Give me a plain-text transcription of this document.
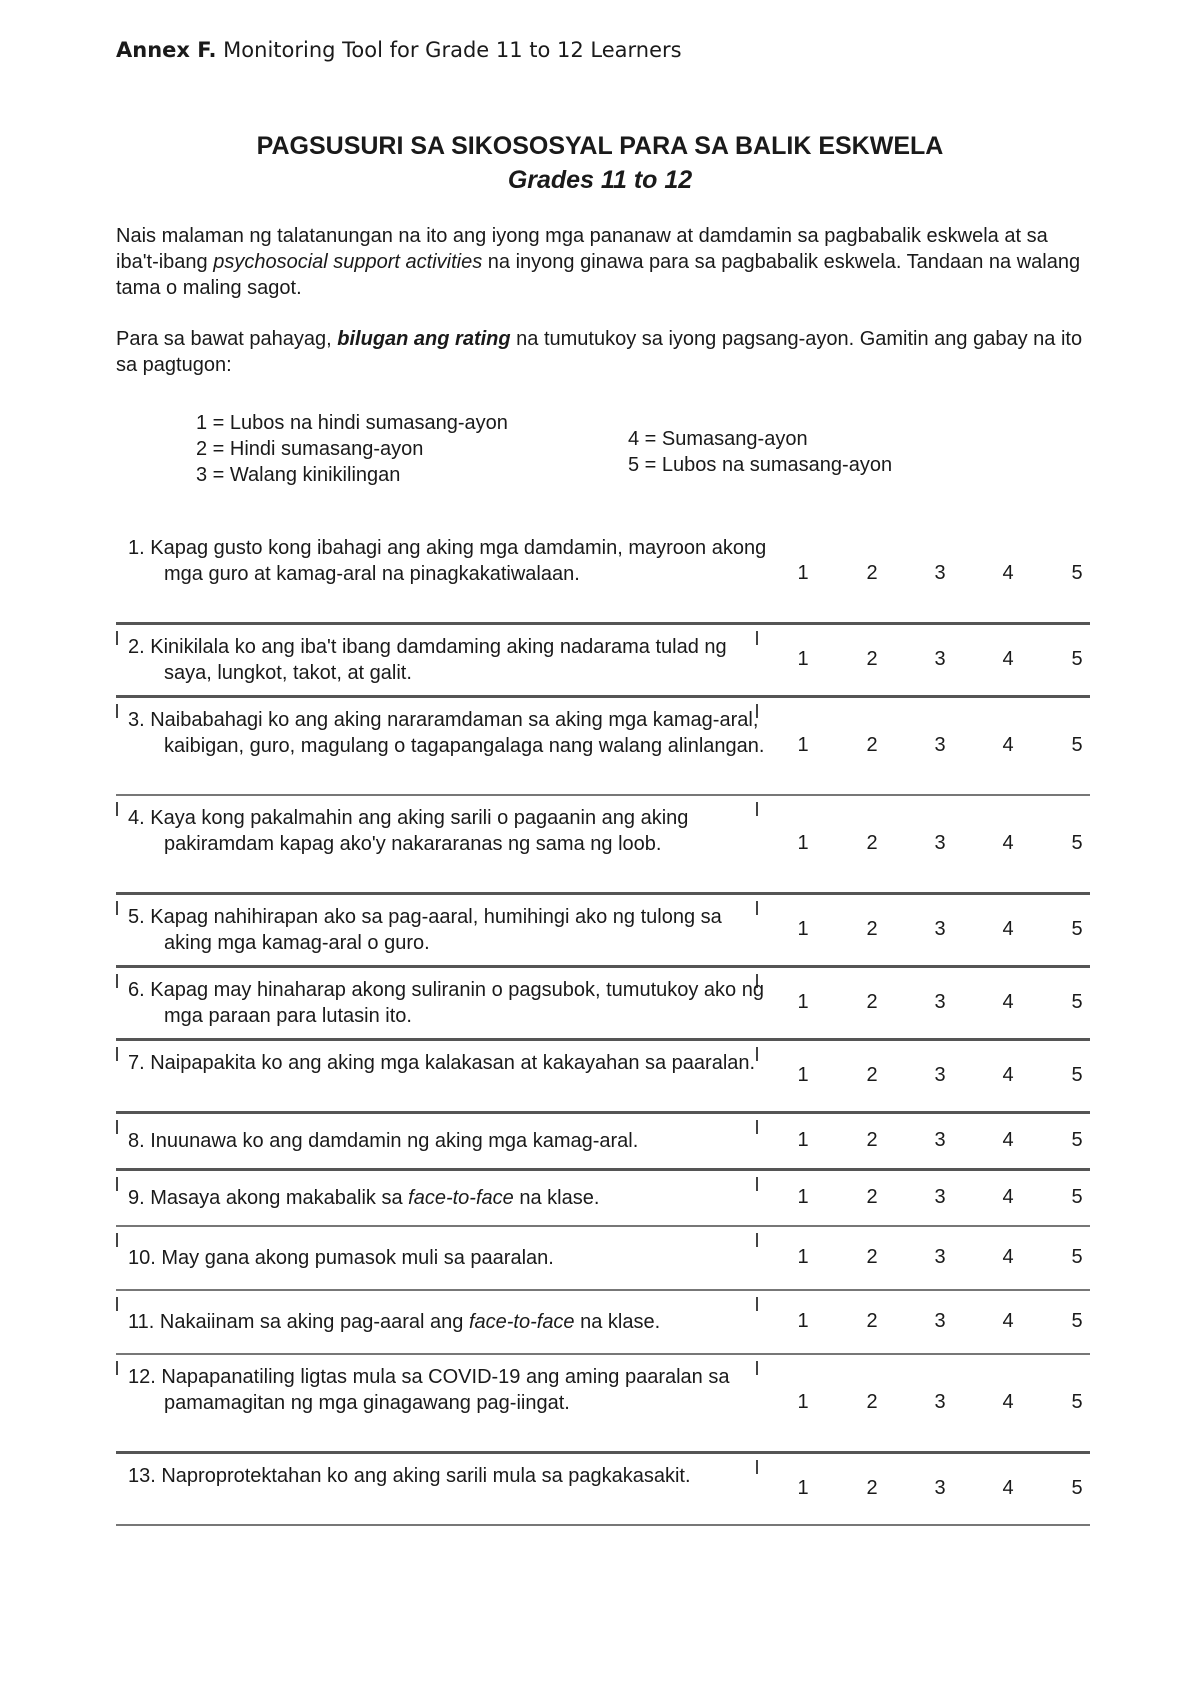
Annex F. Monitoring Tool for Grade 11 to 12 Learners
PAGSUSURI SA SIKOSOSYAL PARA SA BALIK ESKWELA
Grades 11 to 12

Nais malaman ng talatanungan na ito ang iyong mga pananaw at damdamin sa pagbabalik eskwela at sa iba't-ibang psychosocial support activities na inyong ginawa para sa pagbabalik eskwela. Tandaan na walang tama o maling sagot.

Para sa bawat pahayag, bilugan ang rating na tumutukoy sa iyong pagsang-ayon. Gamitin ang gabay na ito sa pagtugon:

1 = Lubos na hindi sumasang-ayon
2 = Hindi sumasang-ayon
3 = Walang kinikilingan
4 = Sumasang-ayon
5 = Lubos na sumasang-ayon
1. Kapag gusto kong ibahagi ang aking mga damdamin, mayroon akong mga guro at kamag-aral na pinagkakatiwalaan.	1	2	3	4	5
2. Kinikilala ko ang iba't ibang damdaming aking nadarama tulad ng saya, lungkot, takot, at galit.
1	2	3	4	5
3. Naibabahagi ko ang aking nararamdaman sa aking mga kamag-aral, kaibigan, guro, magulang o tagapangalaga nang walang alinlangan.	1	2	3	4	5
4. Kaya kong pakalmahin ang aking sarili o pagaanin ang aking pakiramdam kapag ako'y nakararanas ng sama ng loob.	1	2	3	4	5
5. Kapag nahihirapan ako sa pag-aaral, humihingi ako ng tulong sa aking mga kamag-aral o guro.
1	2	3	4	5
6. Kapag may hinaharap akong suliranin o pagsubok, tumutukoy ako ng mga paraan para lutasin ito.
1	2	3	4	5
7. Naipapakita ko ang aking mga kalakasan at kakayahan sa paaralan.
1	2	3	4	5
8. Inuunawa ko ang damdamin ng aking mga kamag-aral.	1	2	3	4	5
9. Masaya akong makabalik sa face-to-face na klase.	1	2	3	4	5
10. May gana akong pumasok muli sa paaralan.	1	2	3	4	5
11. Nakaiinam sa aking pag-aaral ang face-to-face na klase.	1	2	3	4	5
12. Napapanatiling ligtas mula sa COVID-19 ang aming paaralan sa pamamagitan ng mga ginagawang pag-iingat.	1	2	3	4	5
13. Naproprotektahan ko ang aking sarili mula sa pagkakasakit.
1	2	3	4	5
